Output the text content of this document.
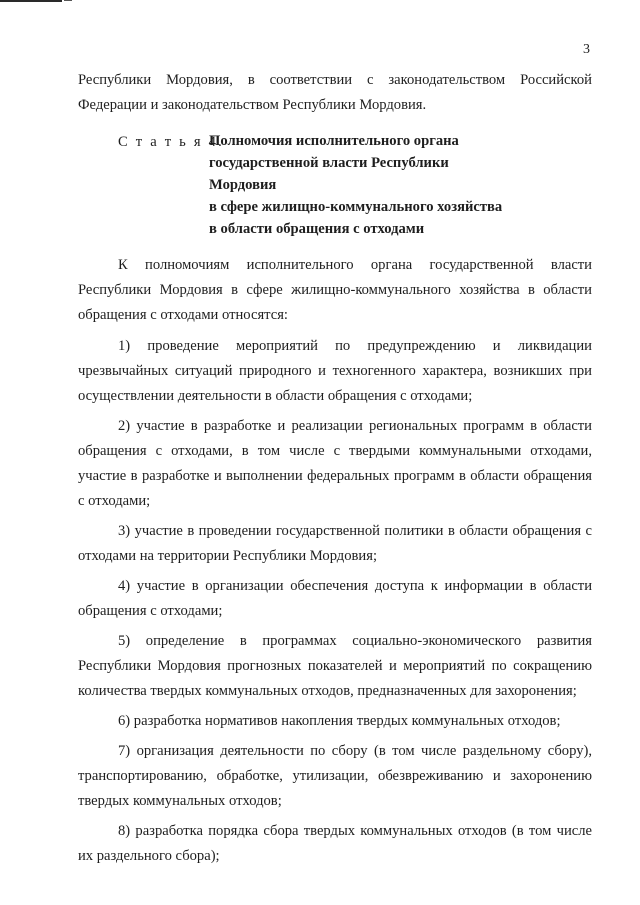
3

Республики Мордовия, в соответствии с законодательством Российской Федерации и законодательством Республики Мордовия.

С т а т ь я 4.
Полномочия исполнительного органа
государственной власти Республики Мордовия
в сфере жилищно-коммунального хозяйства
в области обращения с отходами

К полномочиям исполнительного органа государственной власти Республики Мордовия в сфере жилищно-коммунального хозяйства в области обращения с отходами относятся:

1) проведение мероприятий по предупреждению и ликвидации чрезвычайных ситуаций природного и техногенного характера, возникших при осуществлении деятельности в области обращения с отходами;

2) участие в разработке и реализации региональных программ в области обращения с отходами, в том числе с твердыми коммунальными отходами, участие в разработке и выполнении федеральных программ в области обращения с отходами;

3) участие в проведении государственной политики в области обращения с отходами на территории Республики Мордовия;

4) участие в организации обеспечения доступа к информации в области обращения с отходами;

5) определение в программах социально-экономического развития Республики Мордовия прогнозных показателей и мероприятий по сокращению количества твердых коммунальных отходов, предназначенных для захоронения;

6) разработка нормативов накопления твердых коммунальных отходов;

7) организация деятельности по сбору (в том числе раздельному сбору), транспортированию, обработке, утилизации, обезвреживанию и захоронению твердых коммунальных отходов;

8) разработка порядка сбора твердых коммунальных отходов (в том числе их раздельного сбора);
